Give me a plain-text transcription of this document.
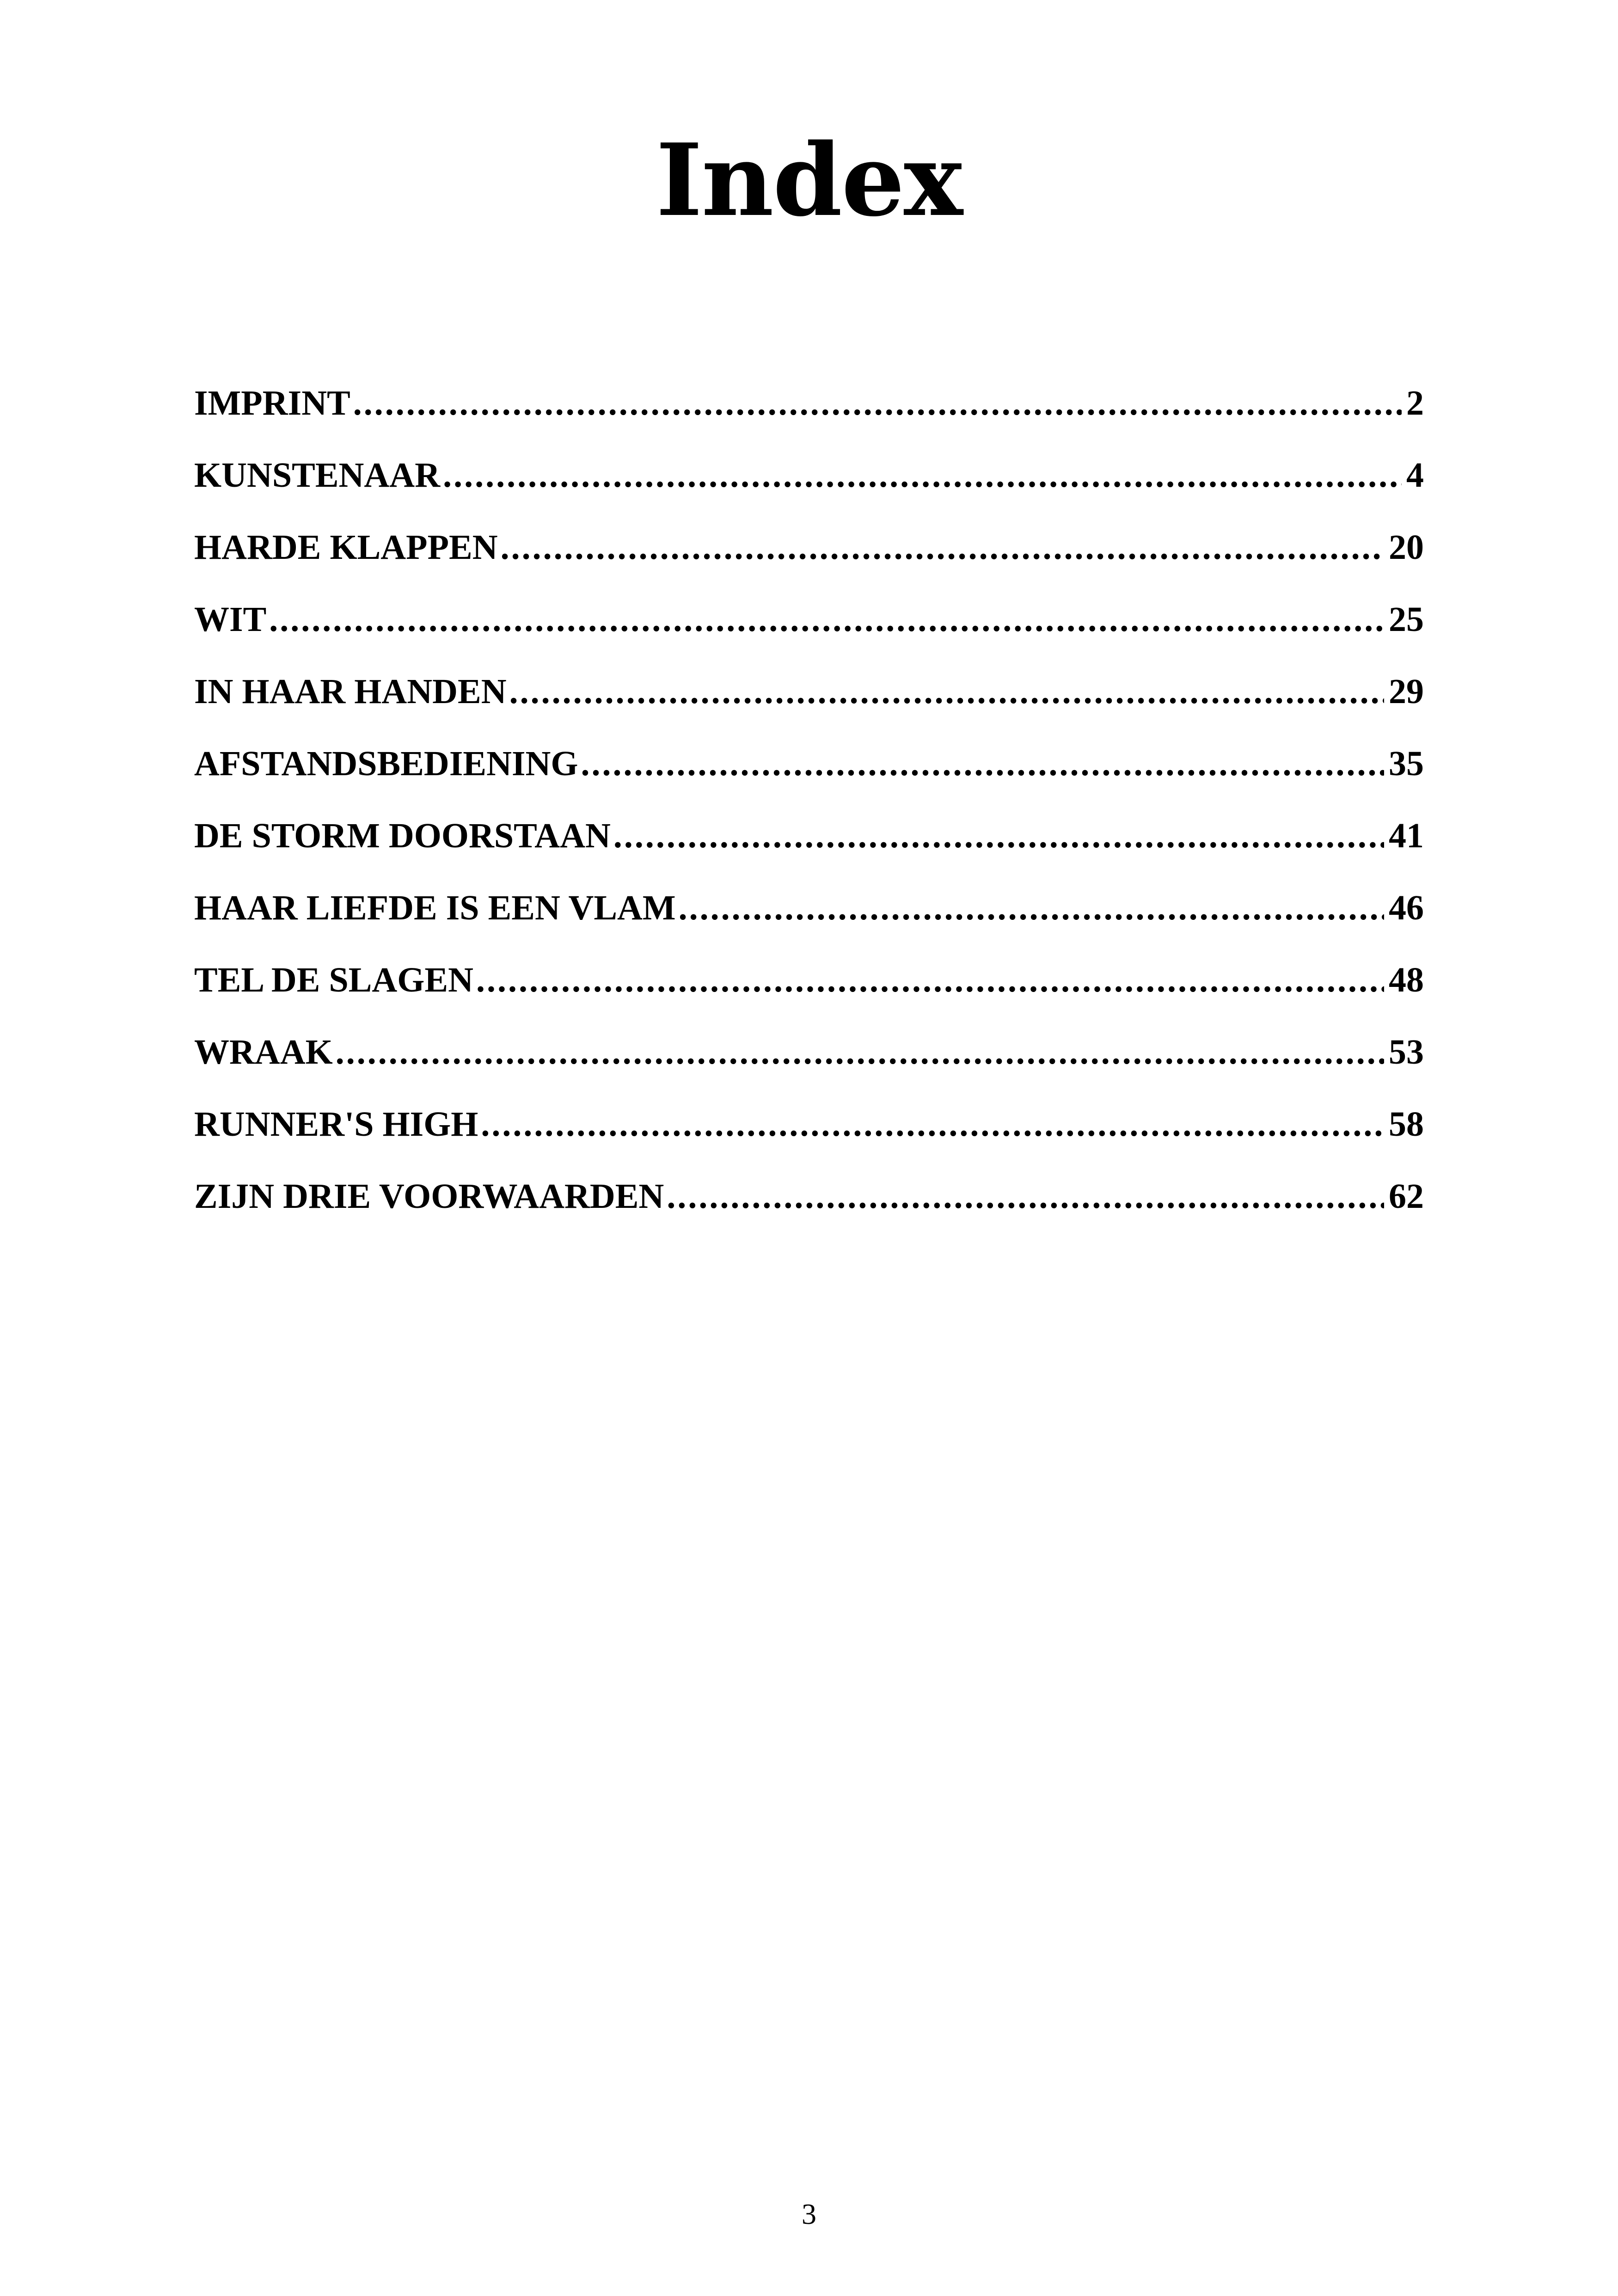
Index
IMPRINT .....	2
KUNSTENAAR .....	4
HARDE KLAPPEN .....	20
WIT .....	25
IN HAAR HANDEN .....	29
AFSTANDSBEDIENING .....	35
DE STORM DOORSTAAN .....	41
HAAR LIEFDE IS EEN VLAM .....	46
TEL DE SLAGEN .....	48
WRAAK .....	53
RUNNER'S HIGH .....	58
ZIJN DRIE VOORWAARDEN .....	62
3
